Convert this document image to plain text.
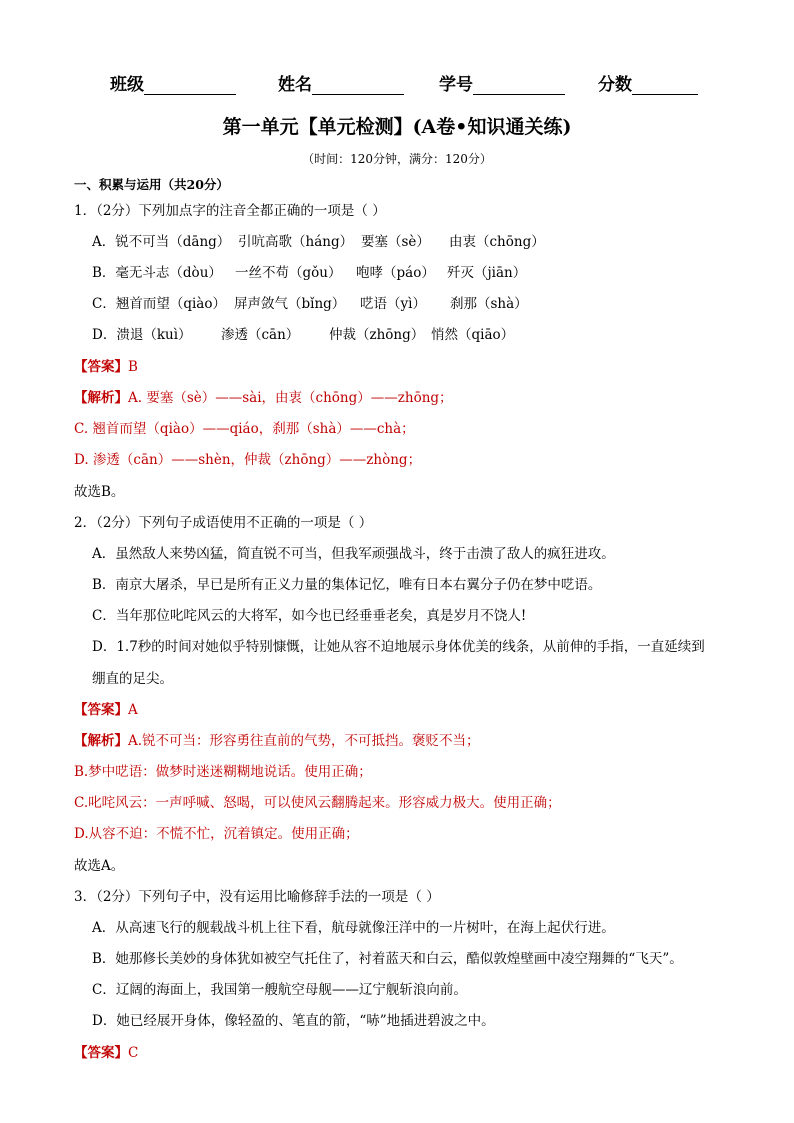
班级	姓名	学号	分数
第一单元【单元检测】(A卷•知识通关练)
（时间：120分钟，满分：120分）
一、积累与运用（共20分）
1．（2分）下列加点字的注音全都正确的一项是（ ）
A．锐不可当（dāng） 引吭高歌（háng） 要塞（sè） 由衷（chōng）
B．毫无斗志（dòu） 一丝不苟（gǒu） 咆哮（páo） 歼灭（jiān）
C．翘首而望（qiào） 屏声敛气（bǐng） 呓语（yì） 刹那（shà）
D．溃退（kuì） 渗透（cān） 仲裁（zhōng） 悄然（qiāo）
【答案】B
【解析】A. 要塞（sè）——sài，由衷（chōng）——zhōng；
C. 翘首而望（qiào）——qiáo，刹那（shà）——chà；
D. 渗透（cān）——shèn，仲裁（zhōng）——zhòng；
故选B。
2．（2分）下列句子成语使用不正确的一项是（ ）
A．虽然敌人来势凶猛，简直锐不可当，但我军顽强战斗，终于击溃了敌人的疯狂进攻。
B．南京大屠杀，早已是所有正义力量的集体记忆，唯有日本右翼分子仍在梦中呓语。
C．当年那位叱咤风云的大将军，如今也已经垂垂老矣，真是岁月不饶人!
D．1.7秒的时间对她似乎特别慷慨，让她从容不迫地展示身体优美的线条，从前伸的手指，一直延续到
绷直的足尖。
【答案】A
【解析】A.锐不可当：形容勇往直前的气势，不可抵挡。褒贬不当；
B.梦中呓语：做梦时迷迷糊糊地说话。使用正确；
C.叱咤风云：一声呼喊、怒喝，可以使风云翻腾起来。形容威力极大。使用正确；
D.从容不迫：不慌不忙，沉着镇定。使用正确；
故选A。
3．（2分）下列句子中，没有运用比喻修辞手法的一项是（ ）
A．从高速飞行的舰载战斗机上往下看，航母就像汪洋中的一片树叶，在海上起伏行进。
B．她那修长美妙的身体犹如被空气托住了，衬着蓝天和白云，酷似敦煌壁画中凌空翔舞的“飞天”。
C．辽阔的海面上，我国第一艘航空母舰——辽宁舰斩浪向前。
D．她已经展开身体，像轻盈的、笔直的箭，“哧”地插进碧波之中。
【答案】C
